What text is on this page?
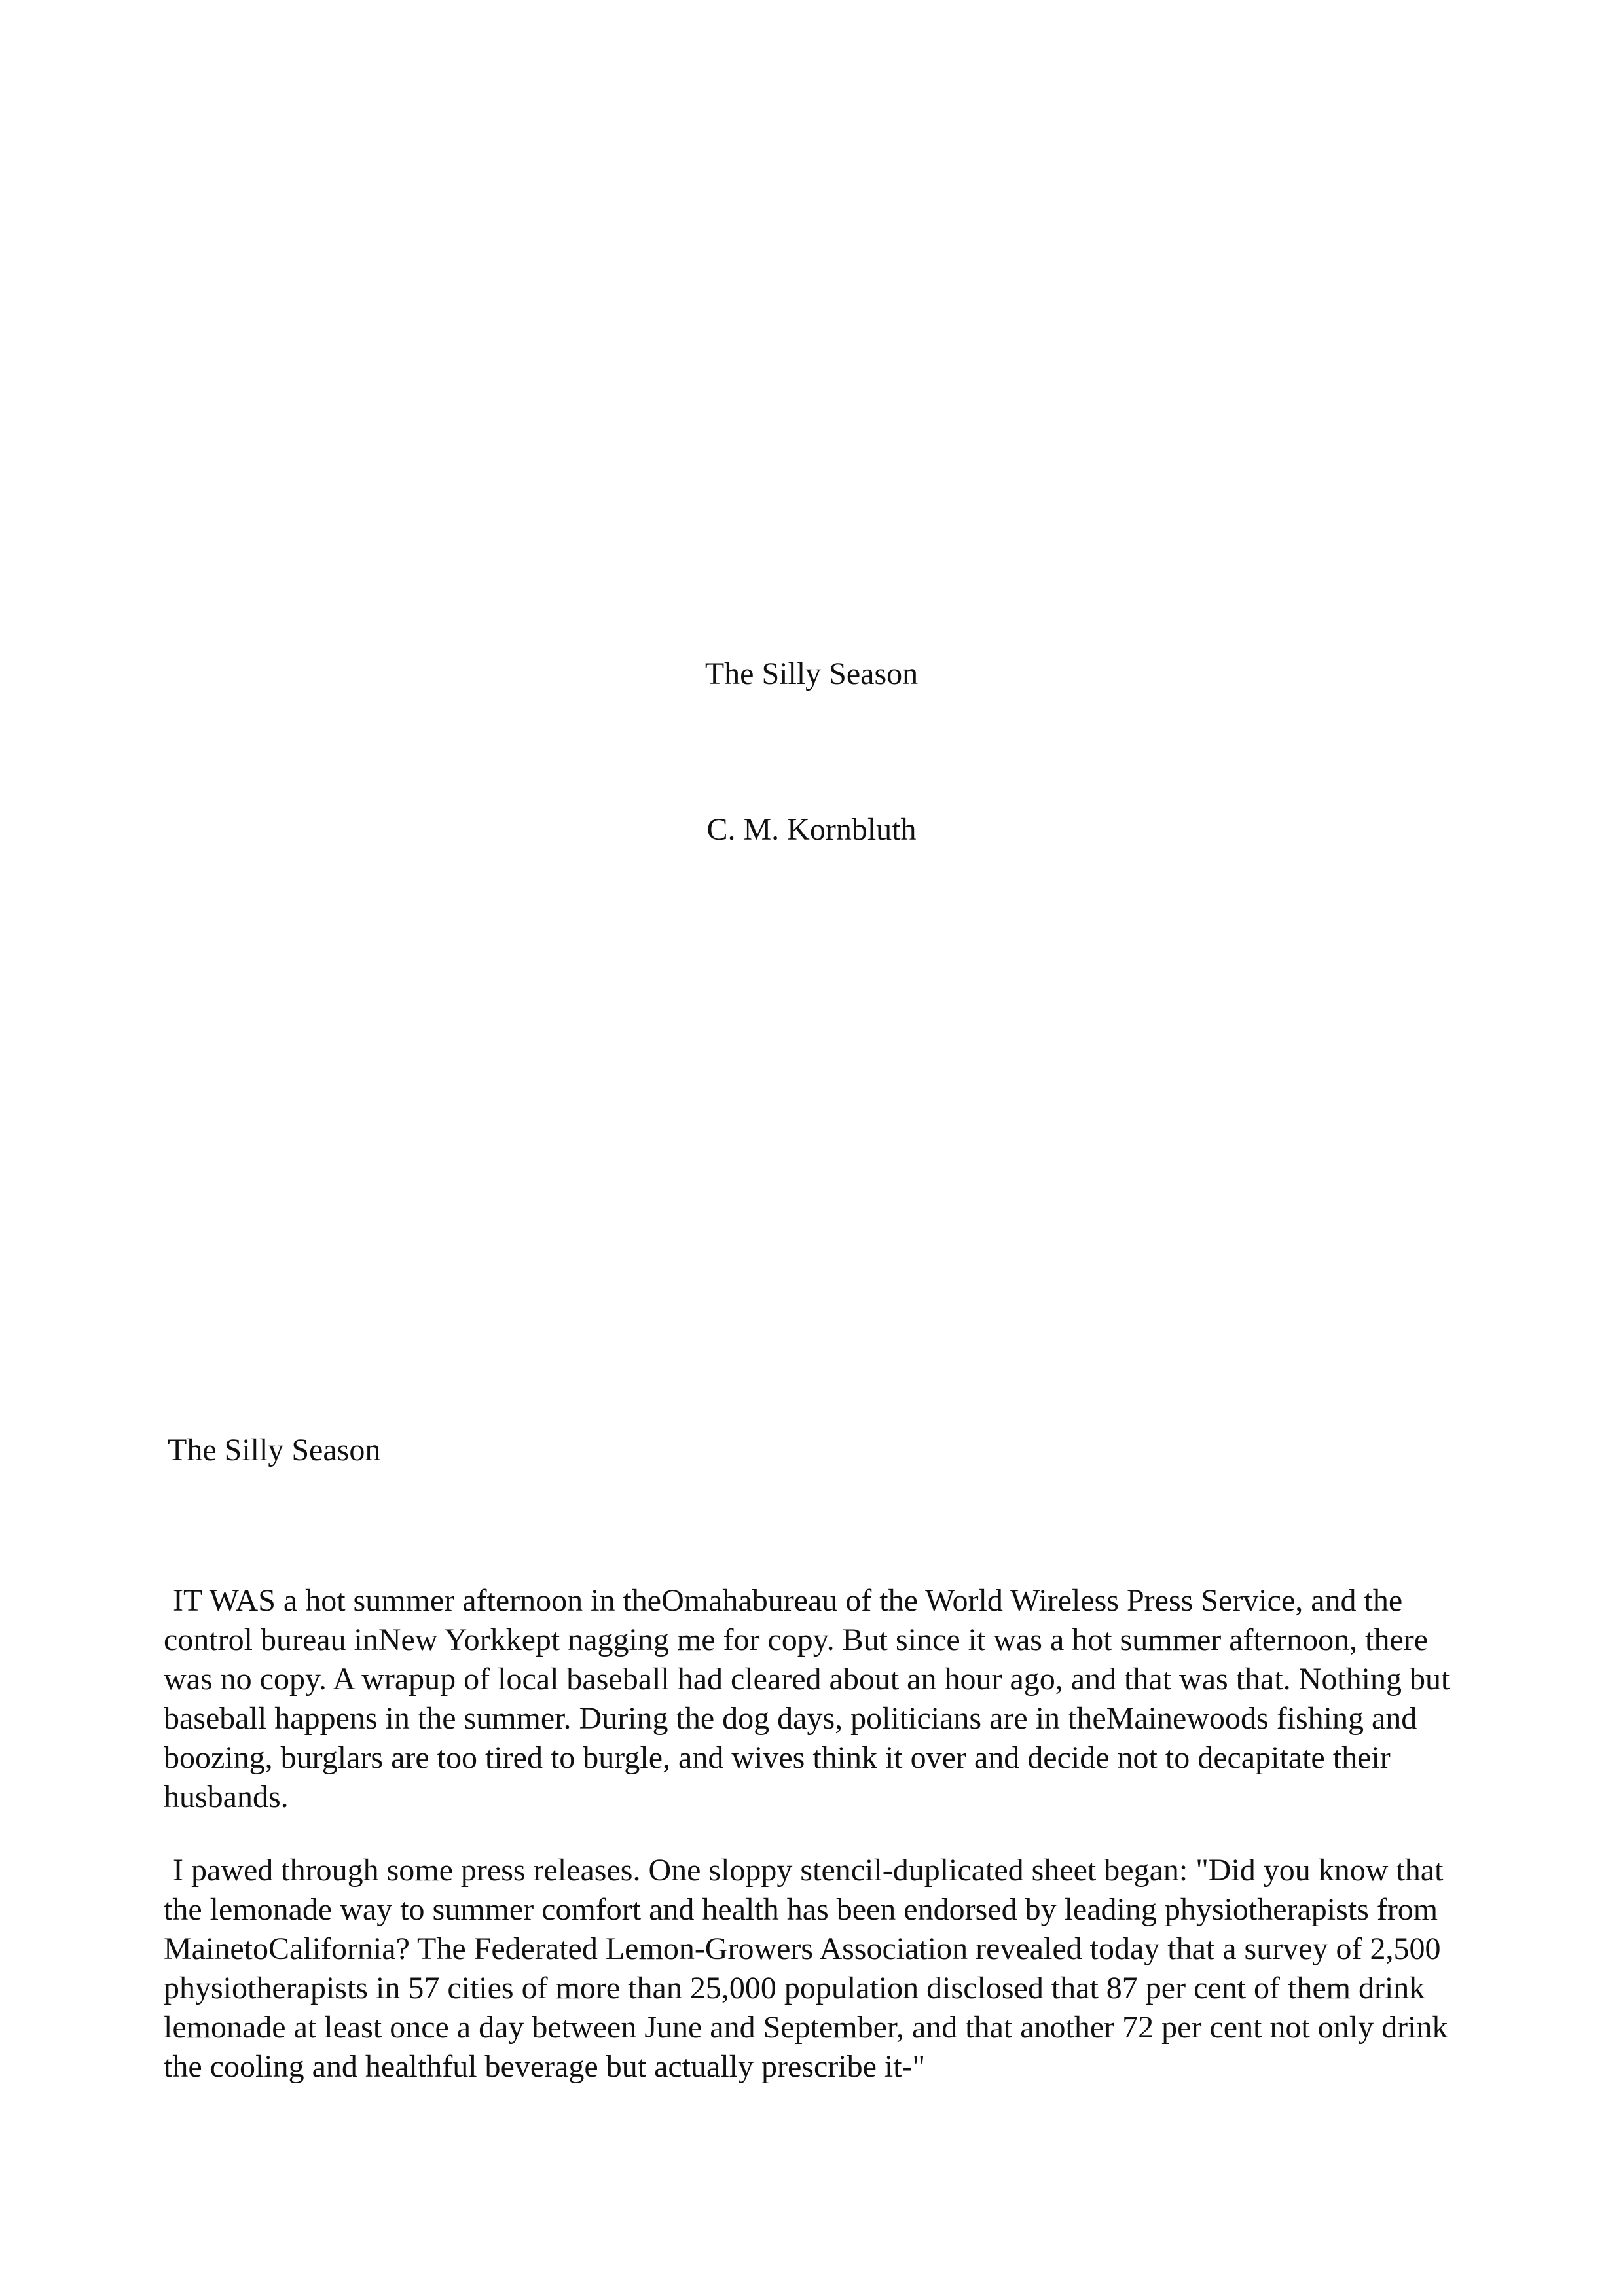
The Silly Season

C. M. Kornbluth

The Silly Season

IT WAS a hot summer afternoon in theOmahabureau of the World Wireless Press Service, and the control bureau inNew Yorkkept nagging me for copy. But since it was a hot summer afternoon, there was no copy. A wrapup of local baseball had cleared about an hour ago, and that was that. Nothing but baseball happens in the summer. During the dog days, politicians are in theMainewoods fishing and boozing, burglars are too tired to burgle, and wives think it over and decide not to decapitate their husbands.

I pawed through some press releases. One sloppy stencil-duplicated sheet began: "Did you know that the lemonade way to summer comfort and health has been endorsed by leading physiotherapists from MainetoCalifornia? The Federated Lemon-Growers Association revealed today that a survey of 2,500 physiotherapists in 57 cities of more than 25,000 population disclosed that 87 per cent of them drink lemonade at least once a day between June and September, and that another 72 per cent not only drink the cooling and healthful beverage but actually prescribe it-"
